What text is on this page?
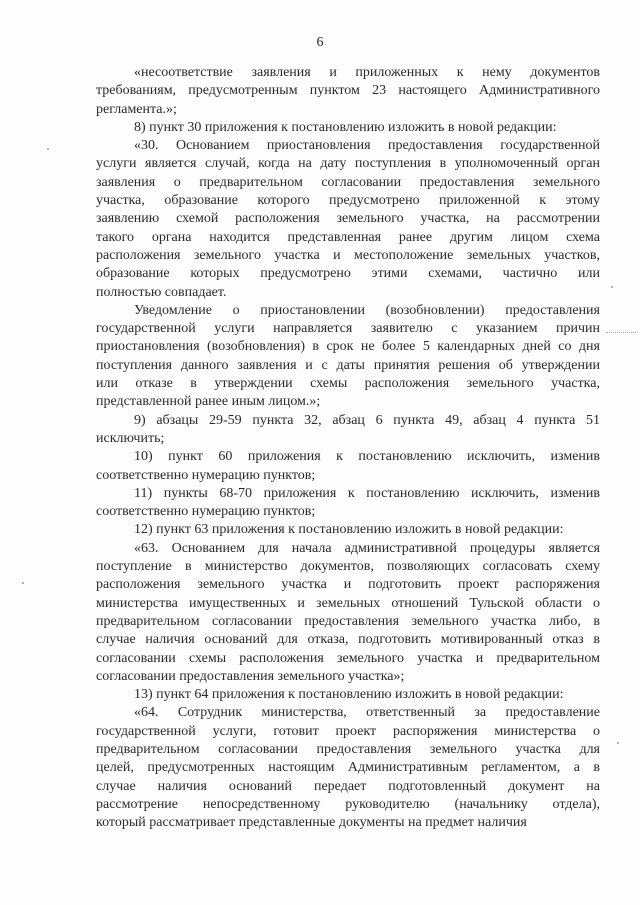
6
«несоответствие заявления и приложенных к нему документов
требованиям, предусмотренным пунктом 23 настоящего Административного
регламента.»;
8) пункт 30 приложения к постановлению изложить в новой редакции:
«30. Основанием приостановления предоставления государственной
услуги является случай, когда на дату поступления в уполномоченный орган
заявления о предварительном согласовании предоставления земельного
участка, образование которого предусмотрено приложенной к этому
заявлению схемой расположения земельного участка, на рассмотрении
такого органа находится представленная ранее другим лицом схема
расположения земельного участка и местоположение земельных участков,
образование которых предусмотрено этими схемами, частично или
полностью совпадает.
Уведомление о приостановлении (возобновлении) предоставления
государственной услуги направляется заявителю с указанием причин
приостановления (возобновления) в срок не более 5 календарных дней со дня
поступления данного заявления и с даты принятия решения об утверждении
или отказе в утверждении схемы расположения земельного участка,
представленной ранее иным лицом.»;
9) абзацы 29-59 пункта 32, абзац 6 пункта 49, абзац 4 пункта 51
исключить;
10) пункт 60 приложения к постановлению исключить, изменив
соответственно нумерацию пунктов;
11) пункты 68-70 приложения к постановлению исключить, изменив
соответственно нумерацию пунктов;
12) пункт 63 приложения к постановлению изложить в новой редакции:
«63. Основанием для начала административной процедуры является
поступление в министерство документов, позволяющих согласовать схему
расположения земельного участка и подготовить проект распоряжения
министерства имущественных и земельных отношений Тульской области о
предварительном согласовании предоставления земельного участка либо, в
случае наличия оснований для отказа, подготовить мотивированный отказ в
согласовании схемы расположения земельного участка и предварительном
согласовании предоставления земельного участка»;
13) пункт 64 приложения к постановлению изложить в новой редакции:
«64. Сотрудник министерства, ответственный за предоставление
государственной услуги, готовит проект распоряжения министерства о
предварительном согласовании предоставления земельного участка для
целей, предусмотренных настоящим Административным регламентом, а в
случае наличия оснований передает подготовленный документ на
рассмотрение непосредственному руководителю (начальнику отдела),
который рассматривает представленные документы на предмет наличия
